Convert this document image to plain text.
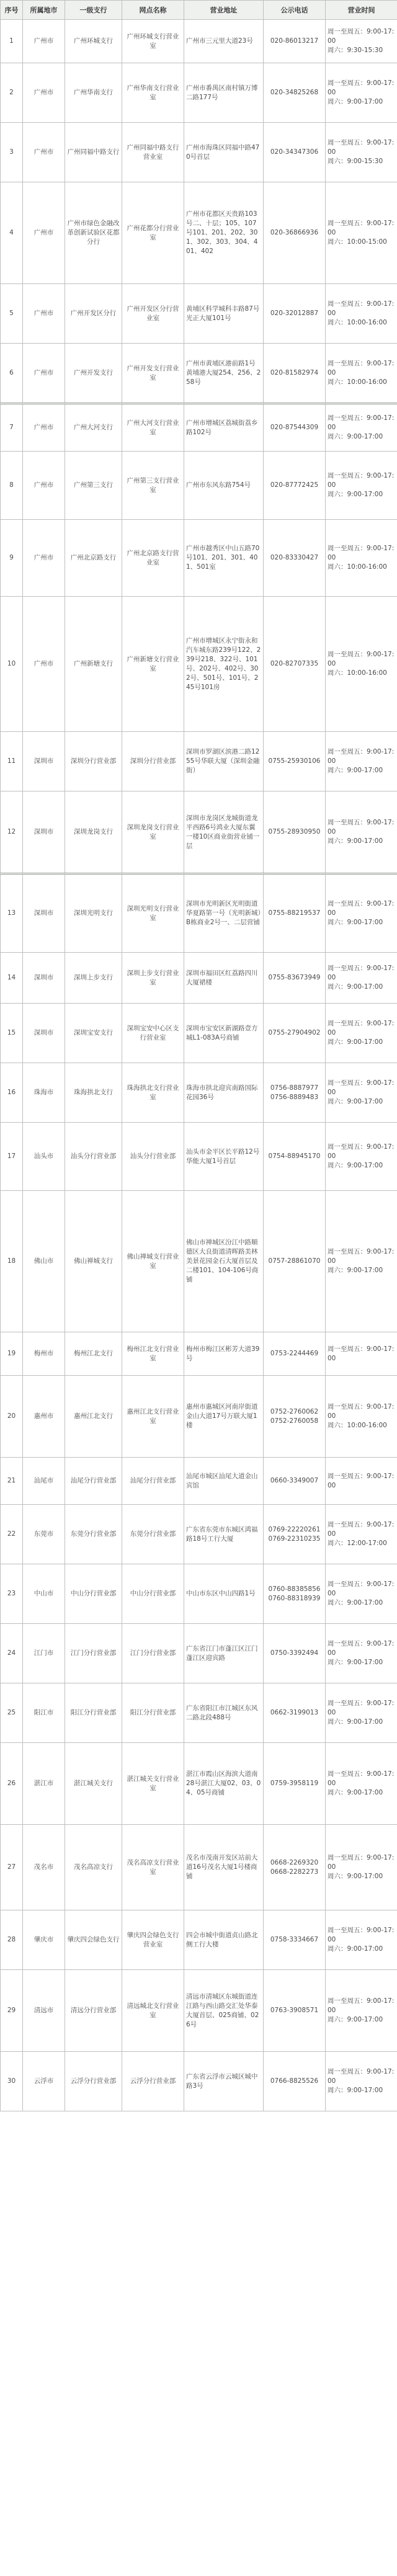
序号	所属地市	一级支行	网点名称	营业地址	公示电话	营业时间
1	广州市	广州环城支行	广州环城支行营业室	广州市三元里大道23号	020-86013217	周一至周五：9:00-17:00
周六：9:30-15:30
2	广州市	广州华南支行	广州华南支行营业室	广州市番禺区南村镇万博二路177号	020-34825268	周一至周五：9:00-17:00
周六：9:00-17:00
3	广州市	广州同福中路支行	广州同福中路支行营业室	广州市海珠区同福中路470号首层	020-34347306	周一至周五：9:00-17:00
周六：9:00-15:30
4	广州市	广州市绿色金融改革创新试验区花都分行	广州花都分行营业室	广州市花都区天贵路103号二、十层；105、107号101、201、202、301、302、303、304、401、402	020-36866936	周一至周五：9:00-17:00
周六：10:00-15:00
5	广州市	广州开发区分行	广州开发区分行营业室	黄埔区科学城科丰路87号光正大厦101号	020-32012887	周一至周五：9:00-17:00
周六：10:00-16:00
6	广州市	广州开发支行	广州开发支行营业室	广州市黄埔区港前路1号黄埔港大厦254、256、258号	020-81582974	周一至周五：9:00-17:00
周六：10:00-16:00
7	广州市	广州大河支行	广州大河支行营业室	广州市增城区荔城街荔乡路102号	020-87544309	周一至周五：9:00-17:00
周六：9:00-17:00
8	广州市	广州第三支行	广州第三支行营业室	广州市东风东路754号	020-87772425	周一至周五：9:00-17:00
周六：9:00-17:00
9	广州市	广州北京路支行	广州北京路支行营业室	广州市越秀区中山五路70号101、201、301、401、501室	020-83330427	周一至周五：9:00-17:00
周六：10:00-16:00
10	广州市	广州新塘支行	广州新塘支行营业室	广州市增城区永宁街永和汽车城东路239号122、239号218、322号、101号、202号、402号、302号、501号、101号、245号101房	020-82707335	周一至周五：9:00-17:00
周六：10:00-16:00
11	深圳市	深圳分行营业部	深圳分行营业部	深圳市罗湖区滨港二路1255号华联大厦（深圳金融街）	0755-25930106	周一至周五：9:00-17:00
周六：9:00-17:00
12	深圳市	深圳龙岗支行	深圳龙岗支行营业室	深圳市龙岗区龙城街道龙平西路6号鸿业大厦东翼一楼10区商业街营业铺一层	0755-28930950	周一至周五：9:00-17:00
周六：9:00-17:00
13	深圳市	深圳光明支行	深圳光明支行营业室	深圳市光明新区光明街道华夏路第一号（光明新城）B栋商业2号一、二层营铺	0755-88219537	周一至周五：9:00-17:00
周六：9:00-17:00
14	深圳市	深圳上步支行	深圳上步支行营业室	深圳市福田区红荔路四川大厦裙楼	0755-83673949	周一至周五：9:00-17:00
周六：9:00-17:00
15	深圳市	深圳宝安支行	深圳宝安中心区支行营业室	深圳市宝安区新湖路壹方城L1-083A号商铺	0755-27904902	周一至周五：9:00-17:00
周六：9:00-17:00
16	珠海市	珠海拱北支行	珠海拱北支行营业室	珠海市拱北迎宾南路国际花园36号	0756-8887977
0756-8889483	周一至周五：9:00-17:00
周六：9:00-17:00
17	汕头市	汕头分行营业部	汕头分行营业部	汕头市金平区长平路12号华能大厦1号首层	0754-88945170	周一至周五：9:00-17:00
周六：9:00-17:00
18	佛山市	佛山禅城支行	佛山禅城支行营业室	佛山市禅城区汾江中路顺德区大良街道清晖路美林美景花园金石大厦首层及二楼101、104-106号商铺	0757-28861070	周一至周五：9:00-17:00
周六：9:00-17:00
19	梅州市	梅州江北支行	梅州江北支行营业室	梅州市梅江区彬芳大道39号	0753-2244469	周一至周五：9:00-17:00
20	惠州市	惠州江北支行	惠州江北支行营业室	惠州市惠城区河南岸街道金山大道17号万联大厦1楼	0752-2760062
0752-2760058	周一至周五：9:00-17:00
周六：10:00-16:00
21	汕尾市	汕尾分行营业部	汕尾分行营业部	汕尾市城区汕尾大道金山宾馆	0660-3349007	周一至周五：9:00-17:00
22	东莞市	东莞分行营业部	东莞分行营业部	广东省东莞市东城区鸿福路18号工行大厦	0769-22220261
0769-22310235	周一至周五：9:00-17:00
周六：12:00-17:00
23	中山市	中山分行营业部	中山分行营业部	中山市东区中山四路1号	0760-88385856
0760-88318939	周一至周五：9:00-17:00
周六：9:00-17:00
24	江门市	江门分行营业部	江门分行营业部	广东省江门市蓬江区江门蓬江区迎宾路	0750-3392494	周一至周五：9:00-17:00
周六：9:00-17:00
25	阳江市	阳江分行营业部	阳江分行营业部	广东省阳江市江城区东风二路北段488号	0662-3199013	周一至周五：9:00-17:00
周六：9:00-17:00
26	湛江市	湛江城关支行	湛江城关支行营业室	湛江市霞山区海滨大道南28号湛江大厦02、03、04、05号商铺	0759-3958119	周一至周五：9:00-17:00
周六：9:00-17:00
27	茂名市	茂名高凉支行	茂名高凉支行营业室	茂名市茂南开发区站前大道16号茂名大厦1号楼商铺	0668-2269320
0668-2282273	周一至周五：9:00-17:00
周六：9:00-17:00
28	肇庆市	肇庆四会绿色支行	肇庆四会绿色支行营业室	四会市城中街道贞山路北侧工行大楼	0758-3334667	周一至周五：9:00-17:00
周六：9:00-17:00
29	清远市	清远分行营业部	清远城北支行营业室	清远市清城区东城街道连江路与西山路交汇处华泰大厦首层、025商铺、026号	0763-3908571	周一至周五：9:00-17:00
周六：9:00-17:00
30	云浮市	云浮分行营业部	云浮分行营业部	广东省云浮市云城区城中路3号	0766-8825526	周一至周五：9:00-17:00
周六：9:00-17:00
